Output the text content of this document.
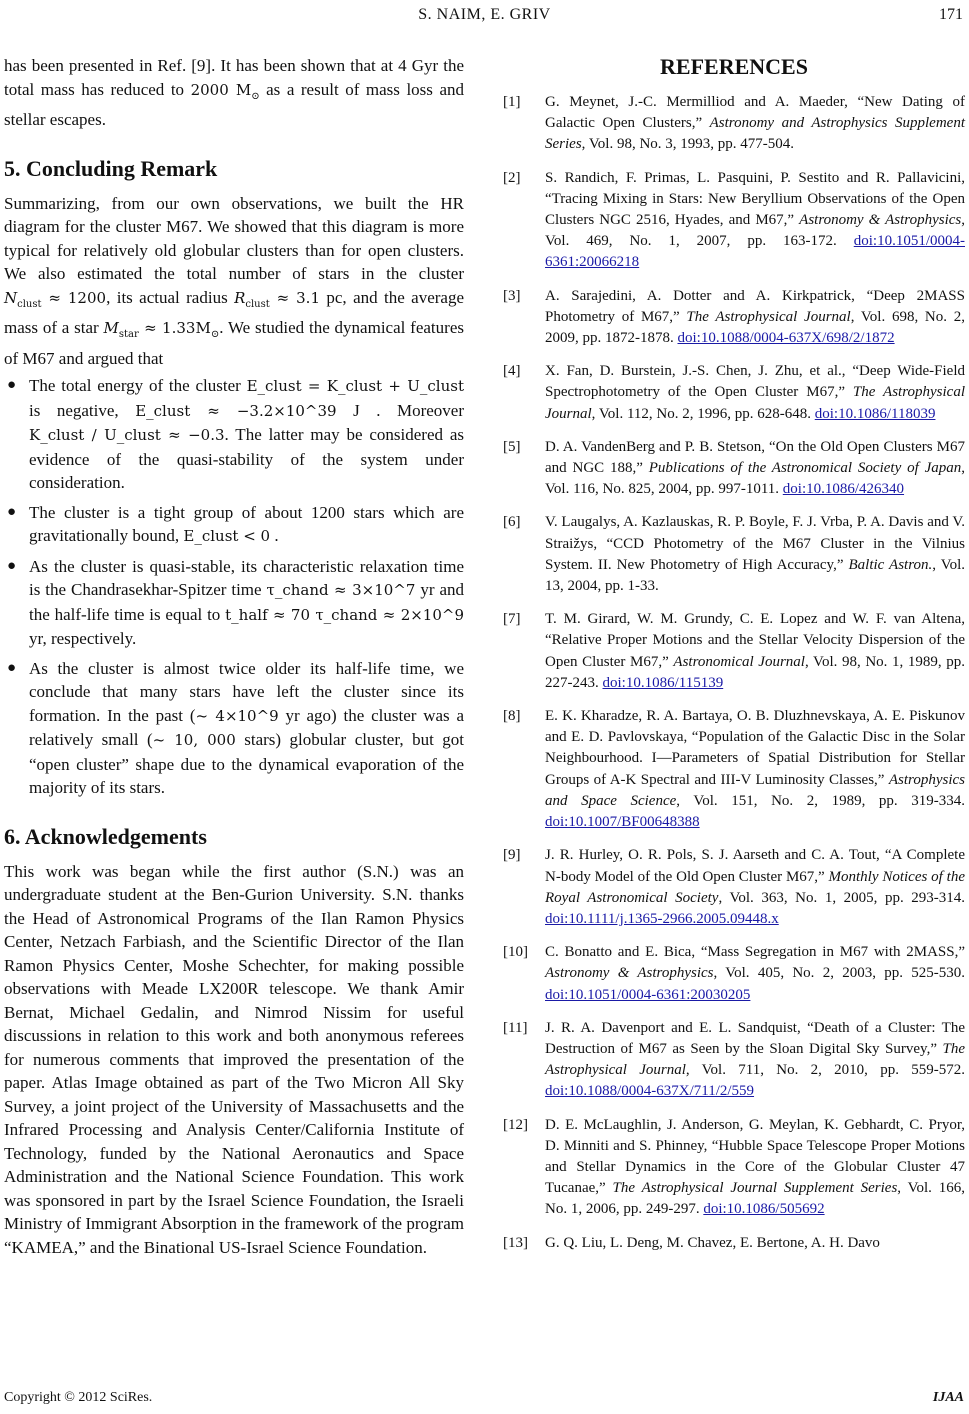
S. NAIM, E. GRIV	171

has been presented in Ref. [9]. It has been shown that at 4 Gyr the total mass has reduced to 2000 $M_⊙$ as a result of mass loss and stellar escapes.

5. Concluding Remark

Summarizing, from our own observations, we built the HR diagram for the cluster M67. We showed that this diagram is more typical for relatively old globular clusters than for open clusters. We also estimated the total number of stars in the cluster $N_{clust} \approx 1200$, its actual radius $R_{clust} \approx 3.1$ pc, and the average mass of a star $M_{star} \approx 1.33M_⊙$. We studied the dynamical features of M67 and argued that

● The total energy of the cluster E_clust = K_clust + U_clust is negative, E_clust ≈ −3.2×10^39 J . Moreover K_clust / U_clust ≈ −0.3. The latter may be considered as evidence of the quasi-stability of the system under consideration.
● The cluster is a tight group of about 1200 stars which are gravitationally bound, E_clust < 0 .
● As the cluster is quasi-stable, its characteristic relaxation time is the Chandrasekhar-Spitzer time τ_chand ≈ 3×10^7 yr and the half-life time is equal to t_half ≈ 70 τ_chand ≈ 2×10^9 yr, respectively.
● As the cluster is almost twice older its half-life time, we conclude that many stars have left the cluster since its formation. In the past (~ 4×10^9 yr ago) the cluster was a relatively small (~ 10, 000 stars) globular cluster, but got “open cluster” shape due to the dynamical evaporation of the majority of its stars.
6. Acknowledgements

This work was began while the first author (S.N.) was an undergraduate student at the Ben-Gurion University. S.N. thanks the Head of Astronomical Programs of the Ilan Ramon Physics Center, Netzach Farbiash, and the Scientific Director of the Ilan Ramon Physics Center, Moshe Schechter, for making possible observations with Meade LX200R telescope. We thank Amir Bernat, Michael Gedalin, and Nimrod Nissim for useful discussions in relation to this work and both anonymous referees for numerous comments that improved the presentation of the paper. Atlas Image obtained as part of the Two Micron All Sky Survey, a joint project of the University of Massachusetts and the Infrared Processing and Analysis Center/California Institute of Technology, funded by the National Aeronautics and Space Administration and the National Science Foundation. This work was sponsored in part by the Israel Science Foundation, the Israeli Ministry of Immigrant Absorption in the framework of the program “KAMEA,” and the Binational US-Israel Science Foundation.

REFERENCES
[1] G. Meynet, J.-C. Mermilliod and A. Maeder, “New Dating of Galactic Open Clusters,” Astronomy and Astrophysics Supplement Series, Vol. 98, No. 3, 1993, pp. 477-504.
[2] S. Randich, F. Primas, L. Pasquini, P. Sestito and R. Pallavicini, “Tracing Mixing in Stars: New Beryllium Observations of the Open Clusters NGC 2516, Hyades, and M67,” Astronomy & Astrophysics, Vol. 469, No. 1, 2007, pp. 163-172. doi:10.1051/0004-6361:20066218
[3] A. Sarajedini, A. Dotter and A. Kirkpatrick, “Deep 2MASS Photometry of M67,” The Astrophysical Journal, Vol. 698, No. 2, 2009, pp. 1872-1878. doi:10.1088/0004-637X/698/2/1872
[4] X. Fan, D. Burstein, J.-S. Chen, J. Zhu, et al., “Deep Wide-Field Spectrophotometry of the Open Cluster M67,” The Astrophysical Journal, Vol. 112, No. 2, 1996, pp. 628-648. doi:10.1086/118039
[5] D. A. VandenBerg and P. B. Stetson, “On the Old Open Clusters M67 and NGC 188,” Publications of the Astronomical Society of Japan, Vol. 116, No. 825, 2004, pp. 997-1011. doi:10.1086/426340
[6] V. Laugalys, A. Kazlauskas, R. P. Boyle, F. J. Vrba, P. A. Davis and V. Straižys, “CCD Photometry of the M67 Cluster in the Vilnius System. II. New Photometry of High Accuracy,” Baltic Astron., Vol. 13, 2004, pp. 1-33.
[7] T. M. Girard, W. M. Grundy, C. E. Lopez and W. F. van Altena, “Relative Proper Motions and the Stellar Velocity Dispersion of the Open Cluster M67,” Astronomical Journal, Vol. 98, No. 1, 1989, pp. 227-243. doi:10.1086/115139
[8] E. K. Kharadze, R. A. Bartaya, O. B. Dluzhnevskaya, A. E. Piskunov and E. D. Pavlovskaya, “Population of the Galactic Disc in the Solar Neighbourhood. I—Parameters of Spatial Distribution for Stellar Groups of A-K Spectral and III-V Luminosity Classes,” Astrophysics and Space Science, Vol. 151, No. 2, 1989, pp. 319-334. doi:10.1007/BF00648388
[9] J. R. Hurley, O. R. Pols, S. J. Aarseth and C. A. Tout, “A Complete N-body Model of the Old Open Cluster M67,” Monthly Notices of the Royal Astronomical Society, Vol. 363, No. 1, 2005, pp. 293-314. doi:10.1111/j.1365-2966.2005.09448.x
[10] C. Bonatto and E. Bica, “Mass Segregation in M67 with 2MASS,” Astronomy & Astrophysics, Vol. 405, No. 2, 2003, pp. 525-530. doi:10.1051/0004-6361:20030205
[11] J. R. A. Davenport and E. L. Sandquist, “Death of a Cluster: The Destruction of M67 as Seen by the Sloan Digital Sky Survey,” The Astrophysical Journal, Vol. 711, No. 2, 2010, pp. 559-572. doi:10.1088/0004-637X/711/2/559
[12] D. E. McLaughlin, J. Anderson, G. Meylan, K. Gebhardt, C. Pryor, D. Minniti and S. Phinney, “Hubble Space Telescope Proper Motions and Stellar Dynamics in the Core of the Globular Cluster 47 Tucanae,” The Astrophysical Journal Supplement Series, Vol. 166, No. 1, 2006, pp. 249-297. doi:10.1086/505692
[13] G. Q. Liu, L. Deng, M. Chavez, E. Bertone, A. H. Davo
Copyright © 2012 SciRes.	IJAA
